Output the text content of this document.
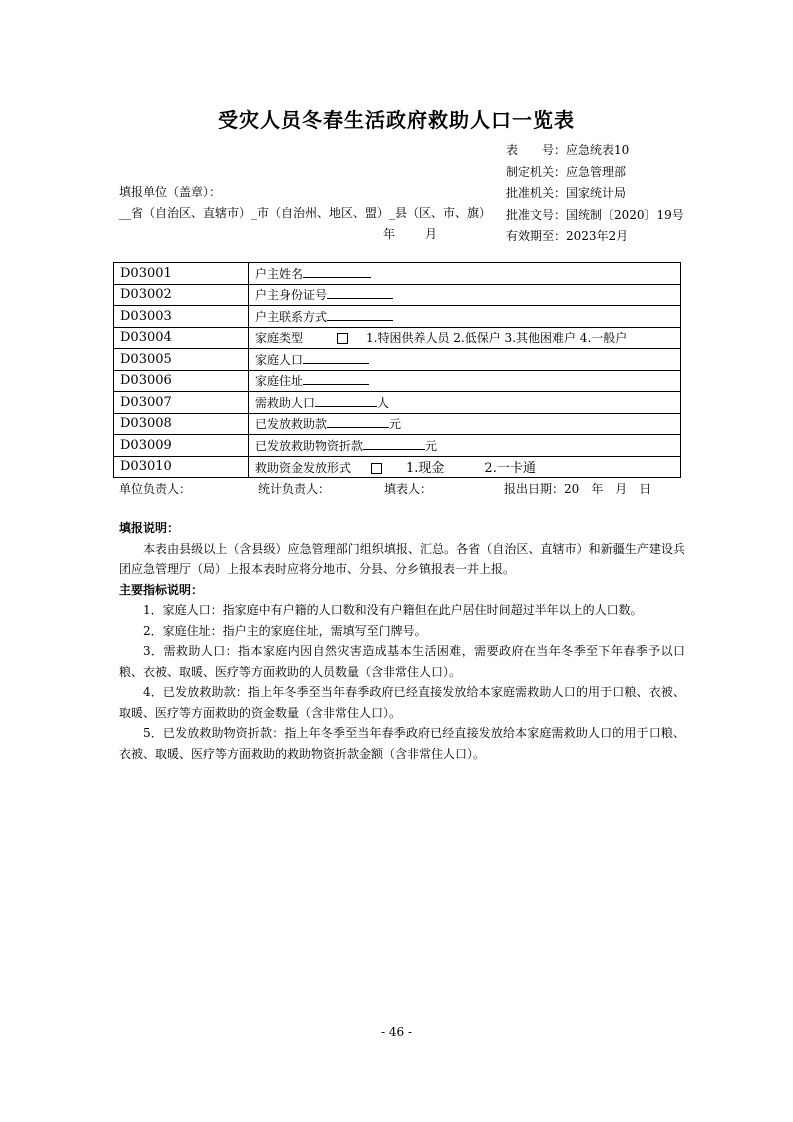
受灾人员冬春生活政府救助人口一览表
表　　号：应急统表10
制定机关：应急管理部
批准机关：国家统计局
批准文号：国统制〔2020〕19号
有效期至：2023年2月
填报单位（盖章）：
__省（自治区、直辖市）_市（自治州、地区、盟）_县（区、市、旗）
年	月
D03001	户主姓名
D03002	户主身份证号
D03003	户主联系方式
D03004	家庭类型 1.特困供养人员 2.低保户 3.其他困难户 4.一般户
D03005	家庭人口
D03006	家庭住址
D03007	需救助人口 人
D03008	已发放救助款 元
D03009	已发放救助物资折款 元
D03010	救助资金发放形式 1.现金 2.一卡通
单位负责人：	统计负责人：	填表人：	报出日期：20　年　月　日
填报说明：
本表由县级以上（含县级）应急管理部门组织填报、汇总。各省（自治区、直辖市）和新疆生产建设兵团应急管理厅（局）上报本表时应将分地市、分县、分乡镇报表一并上报。
主要指标说明：
1．家庭人口：指家庭中有户籍的人口数和没有户籍但在此户居住时间超过半年以上的人口数。
2．家庭住址：指户主的家庭住址，需填写至门牌号。
3．需救助人口：指本家庭内因自然灾害造成基本生活困难，需要政府在当年冬季至下年春季予以口粮、衣被、取暖、医疗等方面救助的人员数量（含非常住人口）。
4．已发放救助款：指上年冬季至当年春季政府已经直接发放给本家庭需救助人口的用于口粮、衣被、取暖、医疗等方面救助的资金数量（含非常住人口）。
5．已发放救助物资折款：指上年冬季至当年春季政府已经直接发放给本家庭需救助人口的用于口粮、衣被、取暖、医疗等方面救助的救助物资折款金额（含非常住人口）。
- 46 -
